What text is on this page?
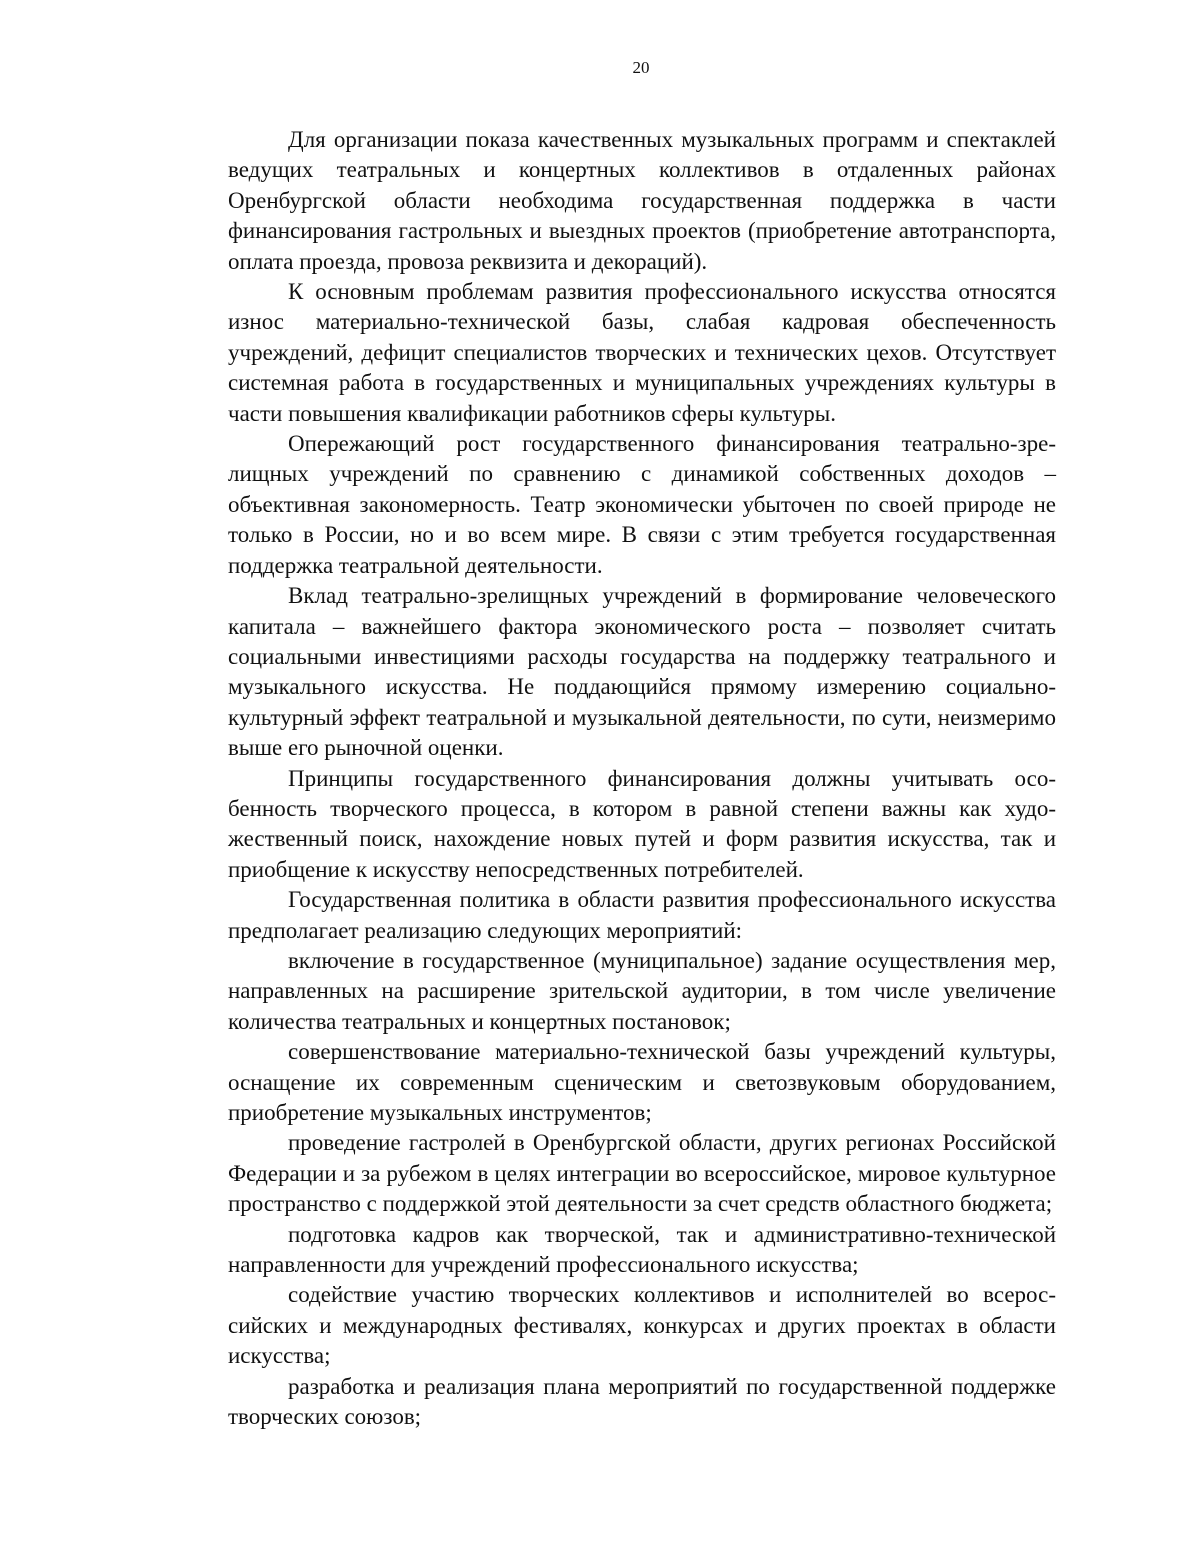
20

Для организации показа качественных музыкальных программ и спектаклей ведущих театральных и концертных коллективов в отдаленных районах Оренбургской области необходима государственная поддержка в части финансирования гастрольных и выездных проектов (приобретение автотранспорта, оплата проезда, провоза реквизита и декораций).

К основным проблемам развития профессионального искусства относятся износ материально-технической базы, слабая кадровая обеспеченность учреждений, дефицит специалистов творческих и технических цехов. Отсутствует системная работа в государственных и муниципальных учреждениях культуры в части повышения квалификации работников сферы культуры.

Опережающий рост государственного финансирования театрально-зрелищных учреждений по сравнению с динамикой собственных доходов – объективная закономерность. Театр экономически убыточен по своей природе не только в России, но и во всем мире. В связи с этим требуется государственная поддержка театральной деятельности.

Вклад театрально-зрелищных учреждений в формирование человеческого капитала – важнейшего фактора экономического роста – позволяет считать социальными инвестициями расходы государства на поддержку театрального и музыкального искусства. Не поддающийся прямому измерению социально-культурный эффект театральной и музыкальной деятельности, по сути, неизмеримо выше его рыночной оценки.

Принципы государственного финансирования должны учитывать особенность творческого процесса, в котором в равной степени важны как художественный поиск, нахождение новых путей и форм развития искусства, так и приобщение к искусству непосредственных потребителей.

Государственная политика в области развития профессионального искусства предполагает реализацию следующих мероприятий:

включение в государственное (муниципальное) задание осуществления мер, направленных на расширение зрительской аудитории, в том числе увеличение количества театральных и концертных постановок;

совершенствование материально-технической базы учреждений культуры, оснащение их современным сценическим и светозвуковым оборудованием, приобретение музыкальных инструментов;

проведение гастролей в Оренбургской области, других регионах Российской Федерации и за рубежом в целях интеграции во всероссийское, мировое культурное пространство с поддержкой этой деятельности за счет средств областного бюджета;

подготовка кадров как творческой, так и административно-технической направленности для учреждений профессионального искусства;

содействие участию творческих коллективов и исполнителей во всероссийских и международных фестивалях, конкурсах и других проектах в области искусства;

разработка и реализация плана мероприятий по государственной поддержке творческих союзов;
